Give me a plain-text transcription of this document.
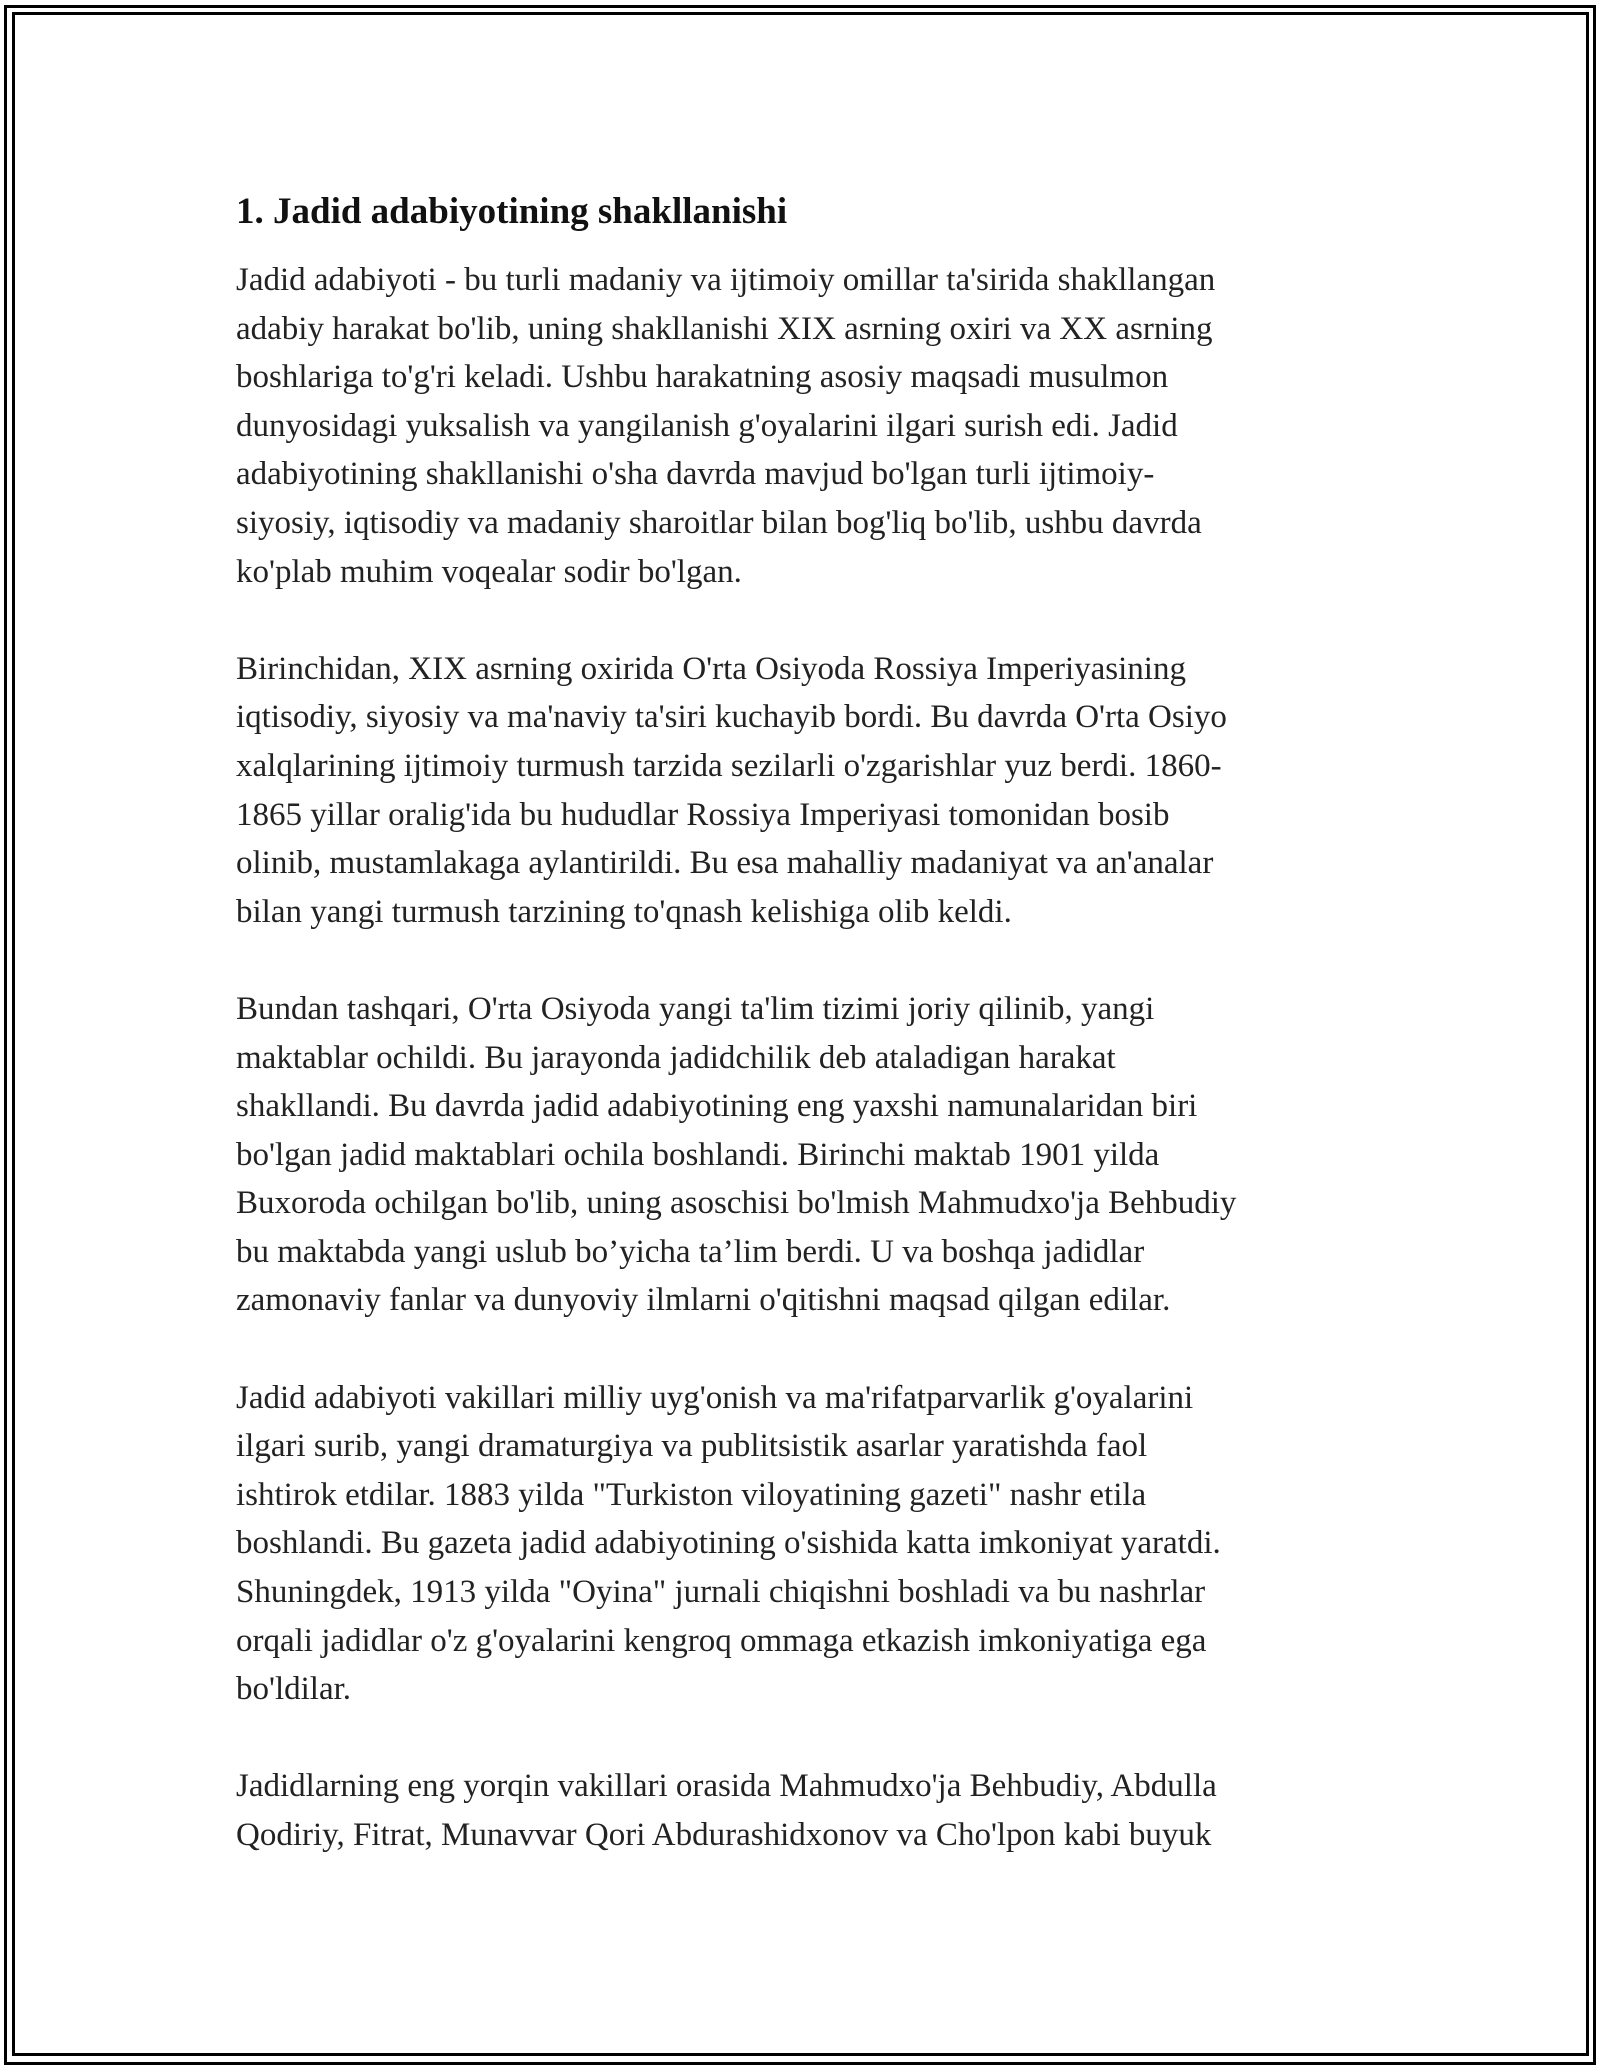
1. Jadid adabiyotining shakllanishi

Jadid adabiyoti - bu turli madaniy va ijtimoiy omillar ta'sirida shakllangan
adabiy harakat bo'lib, uning shakllanishi XIX asrning oxiri va XX asrning
boshlariga to'g'ri keladi. Ushbu harakatning asosiy maqsadi musulmon
dunyosidagi yuksalish va yangilanish g'oyalarini ilgari surish edi. Jadid
adabiyotining shakllanishi o'sha davrda mavjud bo'lgan turli ijtimoiy-
siyosiy, iqtisodiy va madaniy sharoitlar bilan bog'liq bo'lib, ushbu davrda
ko'plab muhim voqealar sodir bo'lgan.

Birinchidan, XIX asrning oxirida O'rta Osiyoda Rossiya Imperiyasining
iqtisodiy, siyosiy va ma'naviy ta'siri kuchayib bordi. Bu davrda O'rta Osiyo
xalqlarining ijtimoiy turmush tarzida sezilarli o'zgarishlar yuz berdi. 1860-
1865 yillar oralig'ida bu hududlar Rossiya Imperiyasi tomonidan bosib
olinib, mustamlakaga aylantirildi. Bu esa mahalliy madaniyat va an'analar
bilan yangi turmush tarzining to'qnash kelishiga olib keldi.

Bundan tashqari, O'rta Osiyoda yangi ta'lim tizimi joriy qilinib, yangi
maktablar ochildi. Bu jarayonda jadidchilik deb ataladigan harakat
shakllandi. Bu davrda jadid adabiyotining eng yaxshi namunalaridan biri
bo'lgan jadid maktablari ochila boshlandi. Birinchi maktab 1901 yilda
Buxoroda ochilgan bo'lib, uning asoschisi bo'lmish Mahmudxo'ja Behbudiy
bu maktabda yangi uslub bo’yicha ta’lim berdi. U va boshqa jadidlar
zamonaviy fanlar va dunyoviy ilmlarni o'qitishni maqsad qilgan edilar.

Jadid adabiyoti vakillari milliy uyg'onish va ma'rifatparvarlik g'oyalarini
ilgari surib, yangi dramaturgiya va publitsistik asarlar yaratishda faol
ishtirok etdilar. 1883 yilda "Turkiston viloyatining gazeti" nashr etila
boshlandi. Bu gazeta jadid adabiyotining o'sishida katta imkoniyat yaratdi.
Shuningdek, 1913 yilda "Oyina" jurnali chiqishni boshladi va bu nashrlar
orqali jadidlar o'z g'oyalarini kengroq ommaga etkazish imkoniyatiga ega
bo'ldilar.

Jadidlarning eng yorqin vakillari orasida Mahmudxo'ja Behbudiy, Abdulla
Qodiriy, Fitrat, Munavvar Qori Abdurashidxonov va Cho'lpon kabi buyuk
